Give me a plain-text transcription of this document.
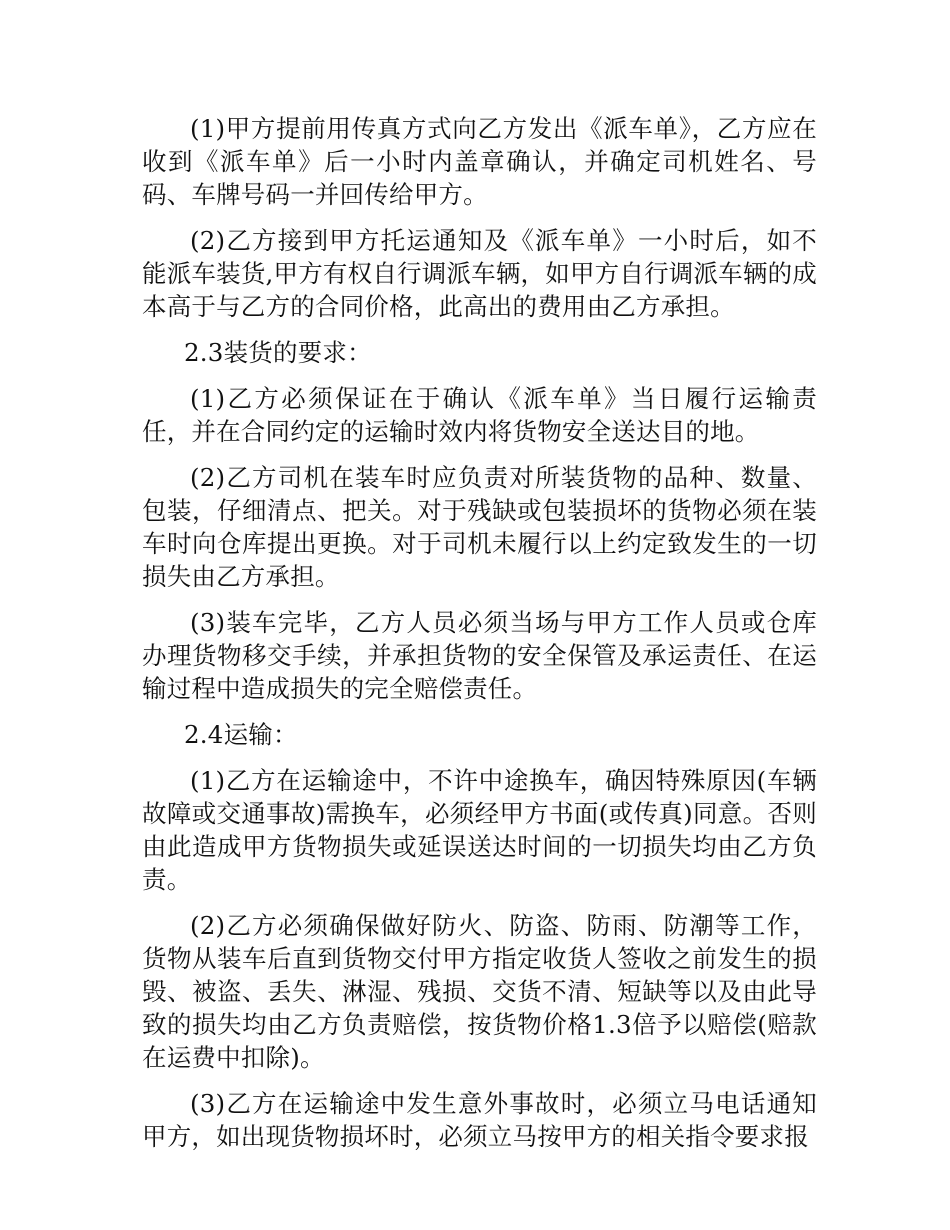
(1)甲方提前用传真方式向乙方发出《派车单》，乙方应在收到《派车单》后一小时内盖章确认，并确定司机姓名、号码、车牌号码一并回传给甲方。

(2)乙方接到甲方托运通知及《派车单》一小时后，如不能派车装货,甲方有权自行调派车辆，如甲方自行调派车辆的成本高于与乙方的合同价格，此高出的费用由乙方承担。

2.3装货的要求：

(1)乙方必须保证在于确认《派车单》当日履行运输责任，并在合同约定的运输时效内将货物安全送达目的地。

(2)乙方司机在装车时应负责对所装货物的品种、数量、包装，仔细清点、把关。对于残缺或包装损坏的货物必须在装车时向仓库提出更换。对于司机未履行以上约定致发生的一切损失由乙方承担。

(3)装车完毕，乙方人员必须当场与甲方工作人员或仓库办理货物移交手续，并承担货物的安全保管及承运责任、在运输过程中造成损失的完全赔偿责任。

2.4运输：

(1)乙方在运输途中，不许中途换车，确因特殊原因(车辆故障或交通事故)需换车，必须经甲方书面(或传真)同意。否则由此造成甲方货物损失或延误送达时间的一切损失均由乙方负责。

(2)乙方必须确保做好防火、防盗、防雨、防潮等工作，货物从装车后直到货物交付甲方指定收货人签收之前发生的损毁、被盗、丢失、淋湿、残损、交货不清、短缺等以及由此导致的损失均由乙方负责赔偿，按货物价格1.3倍予以赔偿(赔款在运费中扣除)。

(3)乙方在运输途中发生意外事故时，必须立马电话通知甲方，如出现货物损坏时，必须立马按甲方的相关指令要求报
